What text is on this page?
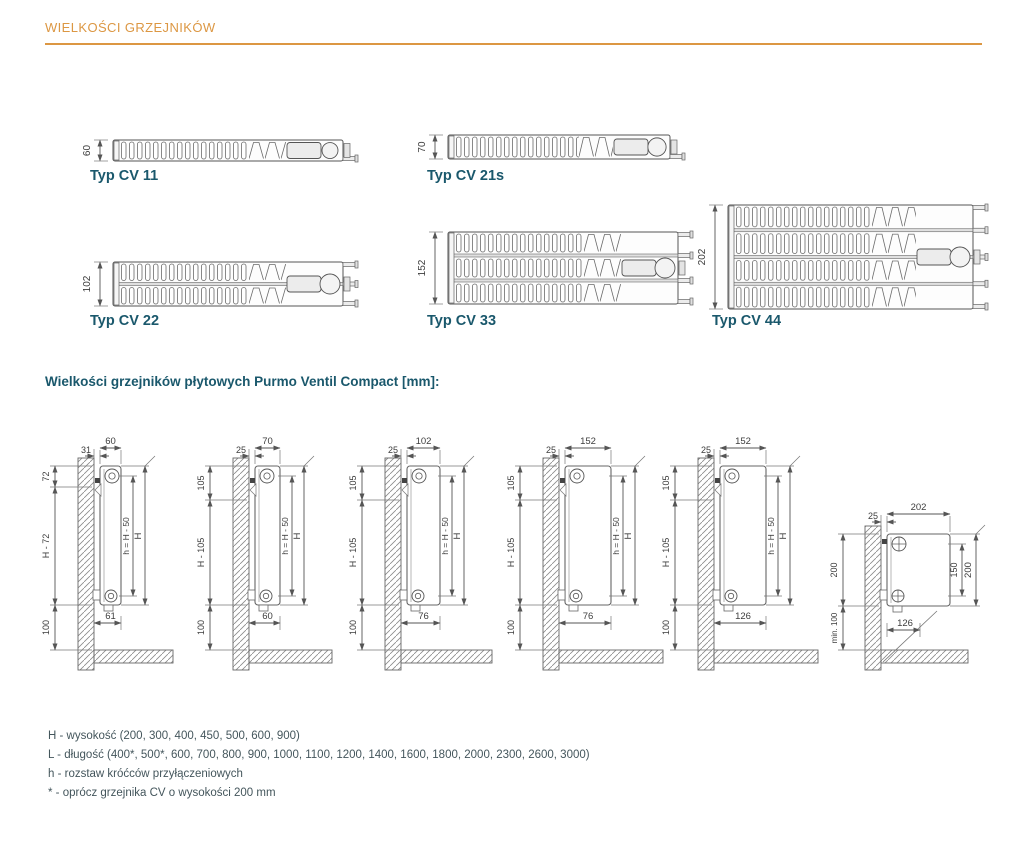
WIELKOŚCI GRZEJNIKÓW
60	70
102
152
202
Typ CV 11	Typ CV 21s
Typ CV 22	Typ CV 33	Typ CV 44
Wielkości grzejników płytowych Purmo Ventil Compact [mm]:
72
H - 72
100
h = H - 50 H
60
31
61
105
H - 105
100
h = H - 50 H
70
25
60
105
H - 105
100
h = H - 50 H
102
25
76
105
H - 105
100
h = H - 50 H
152
25
76
105
H - 105
100
h = H - 50 H
152
25
126
200
min. 100
150 200
202
25
126
H - wysokość (200, 300, 400, 450, 500, 600, 900)
L - długość (400*, 500*, 600, 700, 800, 900, 1000, 1100, 1200, 1400, 1600, 1800, 2000, 2300, 2600, 3000)
h - rozstaw króćców przyłączeniowych
* - oprócz grzejnika CV o wysokości 200 mm
